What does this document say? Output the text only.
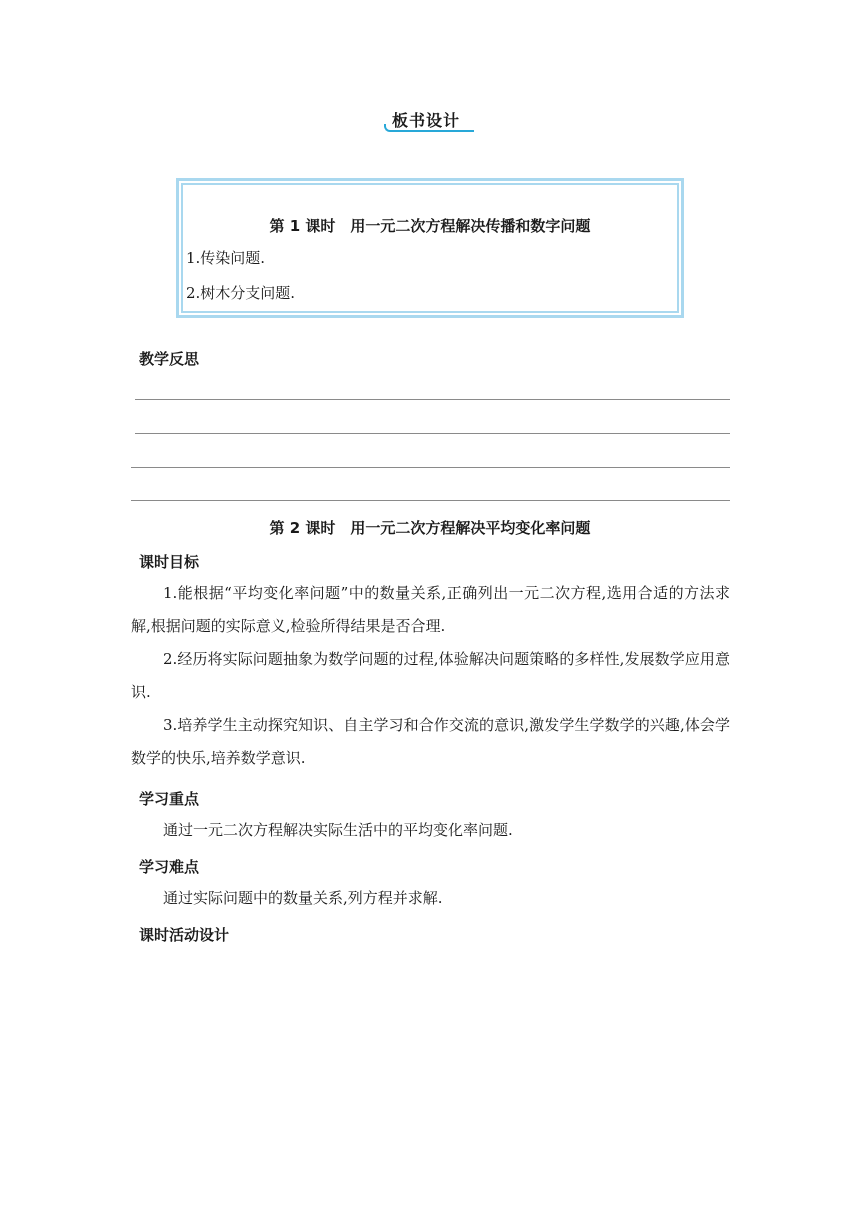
板书设计
第 1 课时　用一元二次方程解决传播和数字问题
1.传染问题.
2.树木分支问题.
教学反思
第 2 课时　用一元二次方程解决平均变化率问题
课时目标

1.能根据“平均变化率问题”中的数量关系,正确列出一元二次方程,选用合适的方法求解,根据问题的实际意义,检验所得结果是否合理.

2.经历将实际问题抽象为数学问题的过程,体验解决问题策略的多样性,发展数学应用意识.

3.培养学生主动探究知识、自主学习和合作交流的意识,激发学生学数学的兴趣,体会学数学的快乐,培养数学意识.

学习重点

通过一元二次方程解决实际生活中的平均变化率问题.

学习难点

通过实际问题中的数量关系,列方程并求解.

课时活动设计
